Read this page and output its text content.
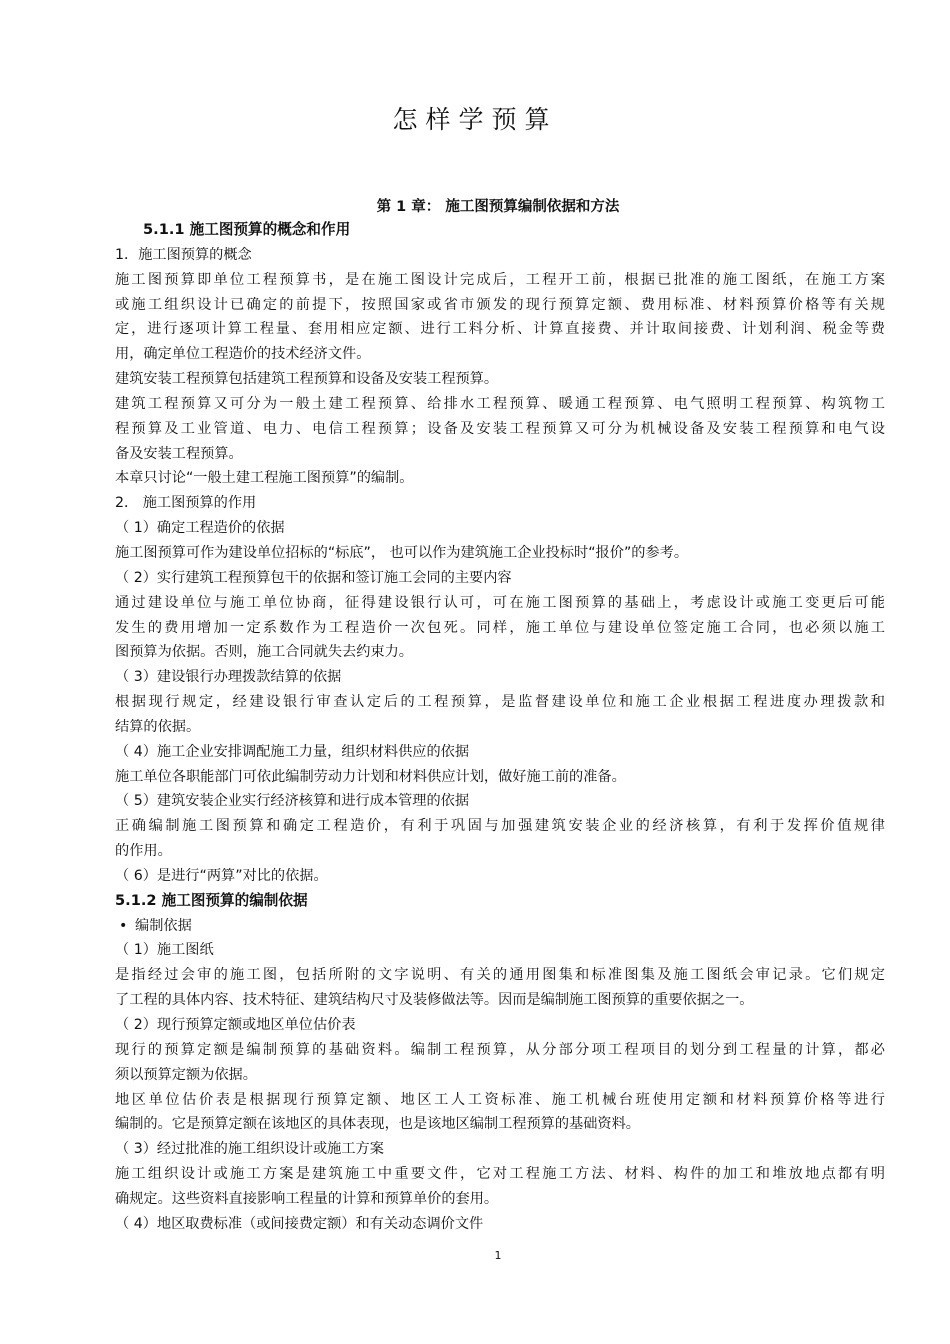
怎样学预算
第 1 章： 施工图预算编制依据和方法
5.1.1 施工图预算的概念和作用
1．施工图预算的概念
施工图预算即单位工程预算书，是在施工图设计完成后，工程开工前，根据已批准的施工图纸，在施工方案
或施工组织设计已确定的前提下，按照国家或省市颁发的现行预算定额、费用标准、材料预算价格等有关规
定，进行逐项计算工程量、套用相应定额、进行工料分析、计算直接费、并计取间接费、计划利润、税金等费
用，确定单位工程造价的技术经济文件。
建筑安装工程预算包括建筑工程预算和设备及安装工程预算。
建筑工程预算又可分为一般土建工程预算、给排水工程预算、暖通工程预算、电气照明工程预算、构筑物工
程预算及工业管道、电力、电信工程预算；设备及安装工程预算又可分为机械设备及安装工程预算和电气设
备及安装工程预算。
本章只讨论“一般土建工程施工图预算”的编制。
2． 施工图预算的作用
（ 1）确定工程造价的依据
施工图预算可作为建设单位招标的“标底”， 也可以作为建筑施工企业投标时“报价”的参考。
（ 2）实行建筑工程预算包干的依据和签订施工会同的主要内容
通过建设单位与施工单位协商，征得建设银行认可，可在施工图预算的基础上，考虑设计或施工变更后可能
发生的费用增加一定系数作为工程造价一次包死。同样，施工单位与建设单位签定施工合同，也必须以施工
图预算为依据。否则，施工合同就失去约束力。
（ 3）建设银行办理拨款结算的依据
根据现行规定，经建设银行审查认定后的工程预算，是监督建设单位和施工企业根据工程进度办理拨款和
结算的依据。
（ 4）施工企业安排调配施工力量，组织材料供应的依据
施工单位各职能部门可依此编制劳动力计划和材料供应计划，做好施工前的准备。
（ 5）建筑安装企业实行经济核算和进行成本管理的依据
正确编制施工图预算和确定工程造价，有利于巩固与加强建筑安装企业的经济核算，有利于发挥价值规律
的作用。
（ 6）是进行“两算”对比的依据。
5.1.2 施工图预算的编制依据
• 编制依据
（ 1）施工图纸
是指经过会审的施工图，包括所附的文字说明、有关的通用图集和标准图集及施工图纸会审记录。它们规定
了工程的具体内容、技术特征、建筑结构尺寸及装修做法等。因而是编制施工图预算的重要依据之一。
（ 2）现行预算定额或地区单位估价表
现行的预算定额是编制预算的基础资料。编制工程预算，从分部分项工程项目的划分到工程量的计算，都必
须以预算定额为依据。
地区单位估价表是根据现行预算定额、地区工人工资标准、施工机械台班使用定额和材料预算价格等进行
编制的。它是预算定额在该地区的具体表现，也是该地区编制工程预算的基础资料。
（ 3）经过批准的施工组织设计或施工方案
施工组织设计或施工方案是建筑施工中重要文件，它对工程施工方法、材料、构件的加工和堆放地点都有明
确规定。这些资料直接影响工程量的计算和预算单价的套用。
（ 4）地区取费标准（或间接费定额）和有关动态调价文件
1
